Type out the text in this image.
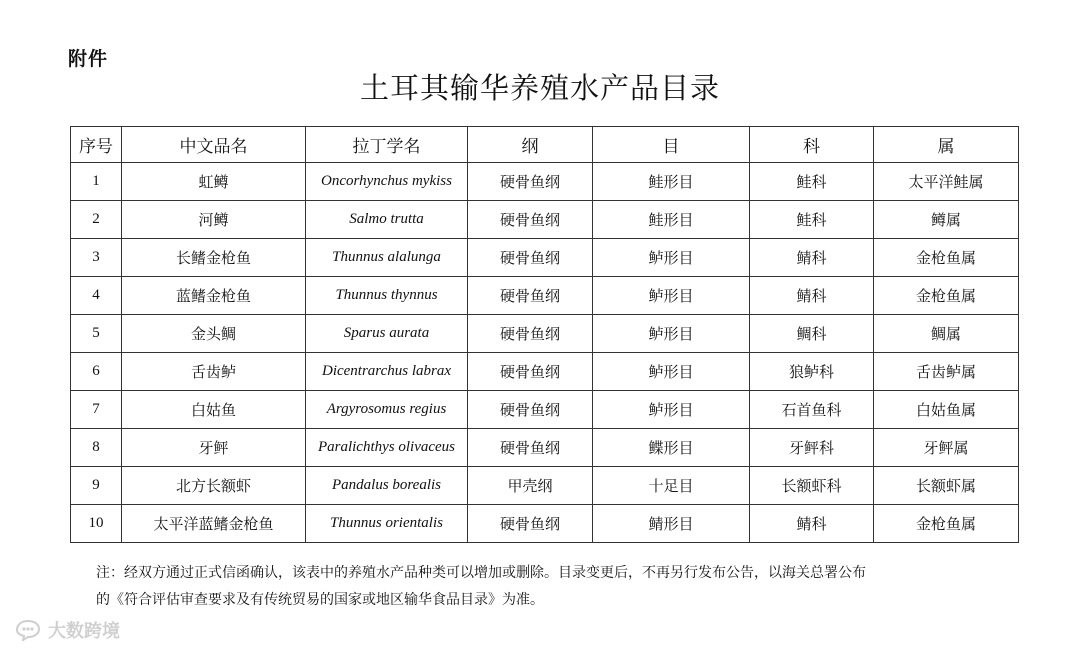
附件
土耳其输华养殖水产品目录
序号	中文品名	拉丁学名	纲	目	科	属
1	虹鳟	Oncorhynchus mykiss	硬骨鱼纲	鲑形目	鲑科	太平洋鲑属
2	河鳟	Salmo trutta	硬骨鱼纲	鲑形目	鲑科	鳟属
3	长鳍金枪鱼	Thunnus alalunga	硬骨鱼纲	鲈形目	鲭科	金枪鱼属
4	蓝鳍金枪鱼	Thunnus thynnus	硬骨鱼纲	鲈形目	鲭科	金枪鱼属
5	金头鲷	Sparus aurata	硬骨鱼纲	鲈形目	鲷科	鲷属
6	舌齿鲈	Dicentrarchus labrax	硬骨鱼纲	鲈形目	狼鲈科	舌齿鲈属
7	白姑鱼	Argyrosomus regius	硬骨鱼纲	鲈形目	石首鱼科	白姑鱼属
8	牙鲆	Paralichthys olivaceus	硬骨鱼纲	鲽形目	牙鲆科	牙鲆属
9	北方长额虾	Pandalus borealis	甲壳纲	十足目	长额虾科	长额虾属
10	太平洋蓝鳍金枪鱼	Thunnus orientalis	硬骨鱼纲	鲭形目	鲭科	金枪鱼属
注：经双方通过正式信函确认，该表中的养殖水产品种类可以增加或删除。目录变更后，不再另行发布公告，以海关总署公布
的《符合评估审查要求及有传统贸易的国家或地区输华食品目录》为准。
大数跨境
